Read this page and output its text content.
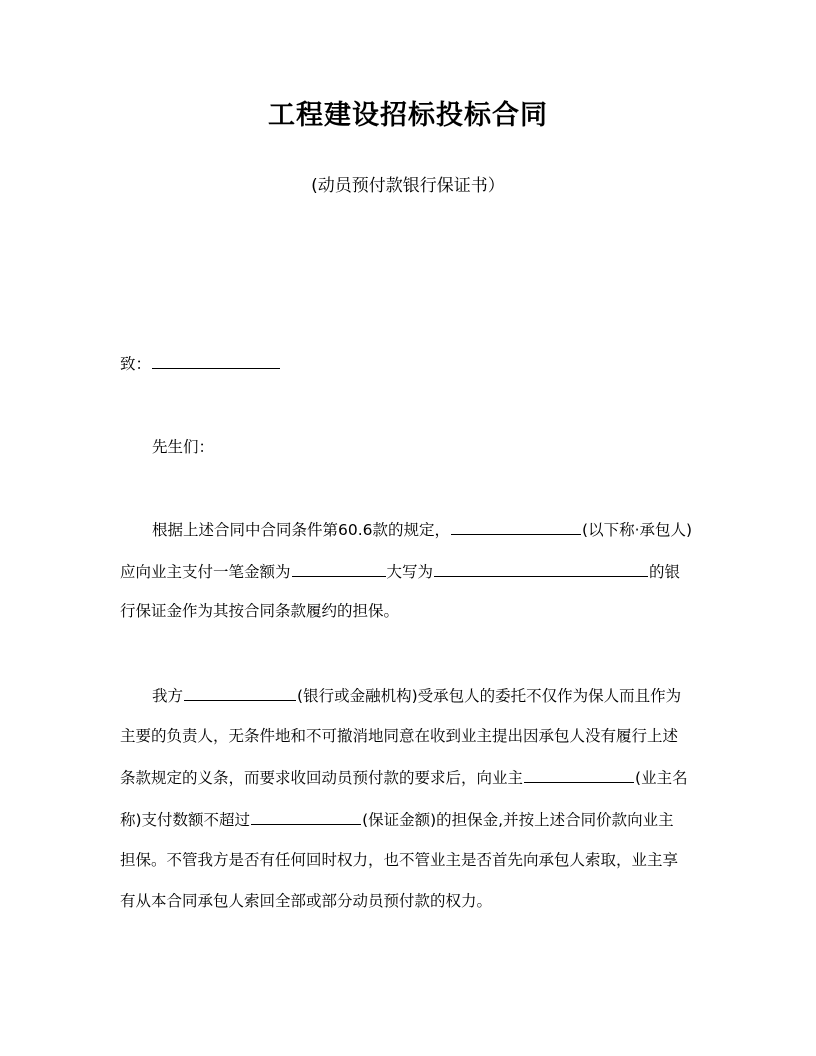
工程建设招标投标合同
(动员预付款银行保证书）
致：
先生们：
根据上述合同中合同条件第60.6款的规定，	(以下称·承包人)
应向业主支付一笔金额为	大写为	的银
行保证金作为其按合同条款履约的担保。
我方	(银行或金融机构)受承包人的委托不仅作为保人而且作为
主要的负责人，无条件地和不可撤消地同意在收到业主提出因承包人没有履行上述
条款规定的义条，而要求收回动员预付款的要求后，向业主	(业主名
称)支付数额不超过	(保证金额)的担保金,并按上述合同价款向业主
担保。不管我方是否有任何回时权力，也不管业主是否首先向承包人索取，业主享
有从本合同承包人索回全部或部分动员预付款的权力。
